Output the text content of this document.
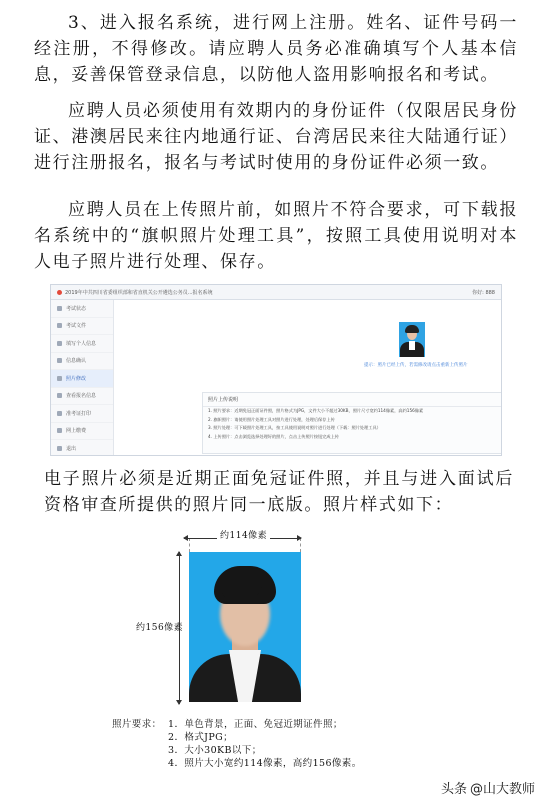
3、进入报名系统，进行网上注册。姓名、证件号码一经注册，不得修改。请应聘人员务必准确填写个人基本信息，妥善保管登录信息，以防他人盗用影响报名和考试。
应聘人员必须使用有效期内的身份证件（仅限居民身份证、港澳居民来往内地通行证、台湾居民来往大陆通行证）进行注册报名，报名与考试时使用的身份证件必须一致。
应聘人员在上传照片前，如照片不符合要求，可下载报名系统中的“旗帜照片处理工具”，按照工具使用说明对本人电子照片进行处理、保存。
2019年中共四川省委组织部和省直机关公开遴选公务员...报名系统	你好: 888
考试状态
考试文件
填写个人信息
信息确认
照片修改
查看报名信息
准考证打印
网上缴费
退出
提示：照片已经上传，若需修改请点击重新上传照片
照片上传说明
1. 照片要求：近期免冠正面证件照，照片格式为JPG，文件大小不超过30KB，照片尺寸宽约114像素，高约156像素
2. 旗帜照片：请使用照片处理工具对照片进行处理，处理后保存上传
3. 照片处理：可下载照片处理工具，按工具使用说明对照片进行处理（下载：照片处理工具）
4. 上传照片：点击浏览选择处理好的照片，点击上传照片按钮完成上传
电子照片必须是近期正面免冠证件照，并且与进入面试后资格审查所提供的照片同一底版。照片样式如下：
约114像素
约156像素
照片要求： 1．单色背景，正面、免冠近期证件照；
2．格式JPG；
3．大小30KB以下；
4．照片大小宽约114像素，高约156像素。
头条 @山大教师
